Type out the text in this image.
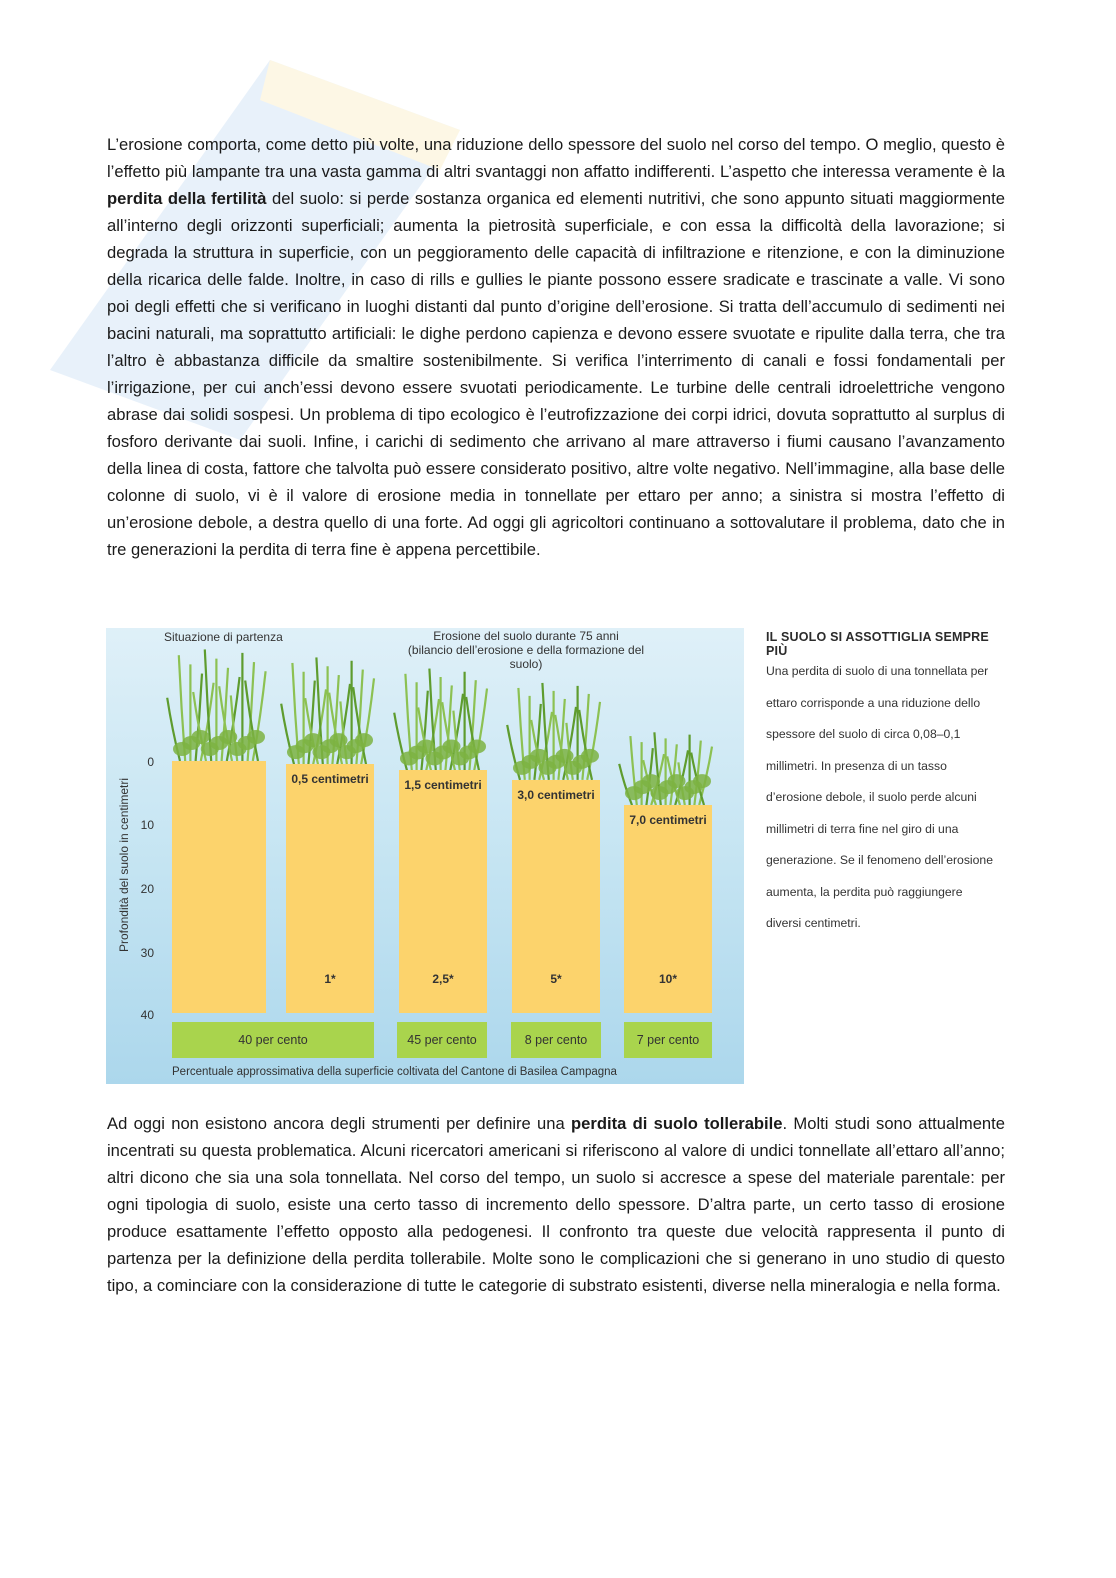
L’erosione comporta, come detto più volte, una riduzione dello spessore del suolo nel corso del tempo. O meglio, questo è l’effetto più lampante tra una vasta gamma di altri svantaggi non affatto indifferenti. L’aspetto che interessa veramente è la perdita della fertilità del suolo: si perde sostanza organica ed elementi nutritivi, che sono appunto situati maggiormente all’interno degli orizzonti superficiali; aumenta la pietrosità superficiale, e con essa la difficoltà della lavorazione; si degrada la struttura in superficie, con un peggioramento delle capacità di infiltrazione e ritenzione, e con la diminuzione della ricarica delle falde. Inoltre, in caso di rills e gullies le piante possono essere sradicate e trascinate a valle. Vi sono poi degli effetti che si verificano in luoghi distanti dal punto d’origine dell’erosione. Si tratta dell’accumulo di sedimenti nei bacini naturali, ma soprattutto artificiali: le dighe perdono capienza e devono essere svuotate e ripulite dalla terra, che tra l’altro è abbastanza difficile da smaltire sostenibilmente. Si verifica l’interrimento di canali e fossi fondamentali per l’irrigazione, per cui anch’essi devono essere svuotati periodicamente. Le turbine delle centrali idroelettriche vengono abrase dai solidi sospesi. Un problema di tipo ecologico è l’eutrofizzazione dei corpi idrici, dovuta soprattutto al surplus di fosforo derivante dai suoli. Infine, i carichi di sedimento che arrivano al mare attraverso i fiumi causano l’avanzamento della linea di costa, fattore che talvolta può essere considerato positivo, altre volte negativo. Nell’immagine, alla base delle colonne di suolo, vi è il valore di erosione media in tonnellate per ettaro per anno; a sinistra si mostra l’effetto di un’erosione debole, a destra quello di una forte. Ad oggi gli agricoltori continuano a sottovalutare il problema, dato che in tre generazioni la perdita di terra fine è appena percettibile.

Situazione di partenza	Erosione del suolo durante 75 anni
(bilancio dell’erosione e della formazione del suolo)
Profondità del suolo in centimetri
0
10
20
30
40
0,5 centimetri
1*
1,5 centimetri
2,5*
3,0 centimetri
5*
7,0 centimetri
10*
40 per cento	45 per cento	8 per cento	7 per cento
Percentuale approssimativa della superficie coltivata del Cantone di Basilea Campagna
IL SUOLO SI ASSOTTIGLIA SEMPRE PIÙ
Una perdita di suolo di una tonnellata per ettaro corrisponde a una riduzione dello spessore del suolo di circa 0,08–0,1 millimetri. In presenza di un tasso d’erosione debole, il suolo perde alcuni millimetri di terra fine nel giro di una generazione. Se il fenomeno dell’erosione aumenta, la perdita può raggiungere diversi centimetri.

Ad oggi non esistono ancora degli strumenti per definire una perdita di suolo tollerabile. Molti studi sono attualmente incentrati su questa problematica. Alcuni ricercatori americani si riferiscono al valore di undici tonnellate all’ettaro all’anno; altri dicono che sia una sola tonnellata. Nel corso del tempo, un suolo si accresce a spese del materiale parentale: per ogni tipologia di suolo, esiste una certo tasso di incremento dello spessore. D’altra parte, un certo tasso di erosione produce esattamente l’effetto opposto alla pedogenesi. Il confronto tra queste due velocità rappresenta il punto di partenza per la definizione della perdita tollerabile. Molte sono le complicazioni che si generano in uno studio di questo tipo, a cominciare con la considerazione di tutte le categorie di substrato esistenti, diverse nella mineralogia e nella forma.
